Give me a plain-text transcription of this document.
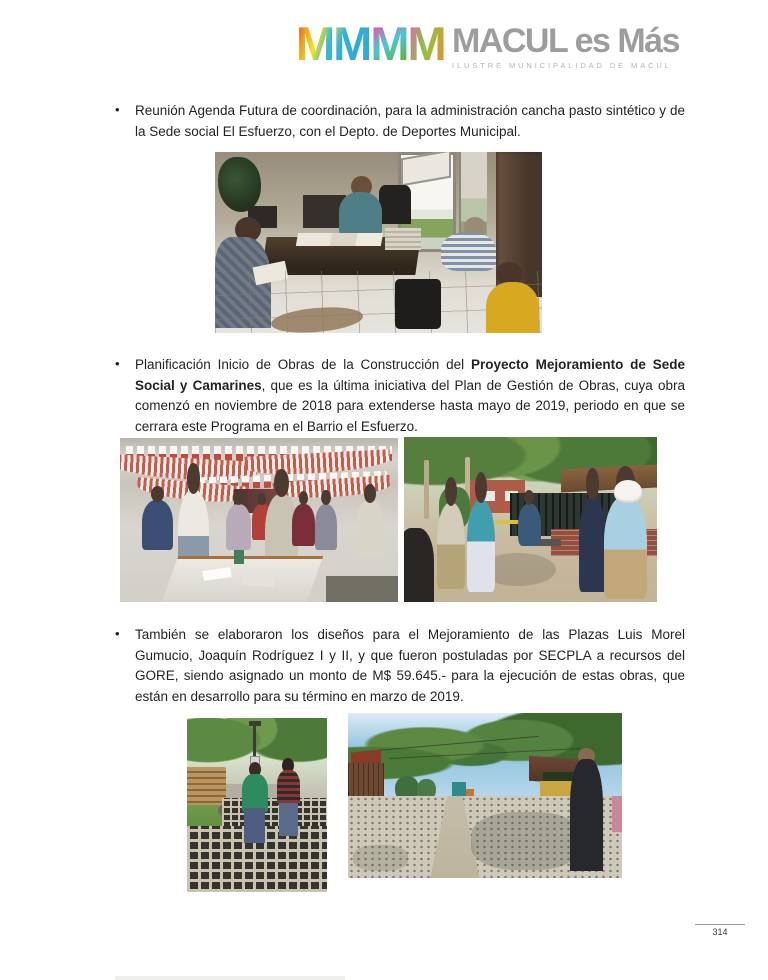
MMMM MACUL es Más
ILUSTRE MUNICIPALIDAD DE MACUL
• Reunión Agenda Futura de coordinación, para la administración cancha pasto sintético y de la Sede social El Esfuerzo, con el Depto. de Deportes Municipal.

• Planificación Inicio de Obras de la Construcción del Proyecto Mejoramiento de Sede Social y Camarines, que es la última iniciativa del Plan de Gestión de Obras, cuya obra comenzó en noviembre de 2018 para extenderse hasta mayo de 2019, periodo en que se cerrara este Programa en el Barrio el Esfuerzo.

• También se elaboraron los diseños para el Mejoramiento de las Plazas Luis Morel Gumucio, Joaquín Rodríguez I y II, y que fueron postuladas por SECPLA a recursos del GORE, siendo asignado un monto de M$ 59.645.- para la ejecución de estas obras, que están en desarrollo para su término en marzo de 2019.

314
